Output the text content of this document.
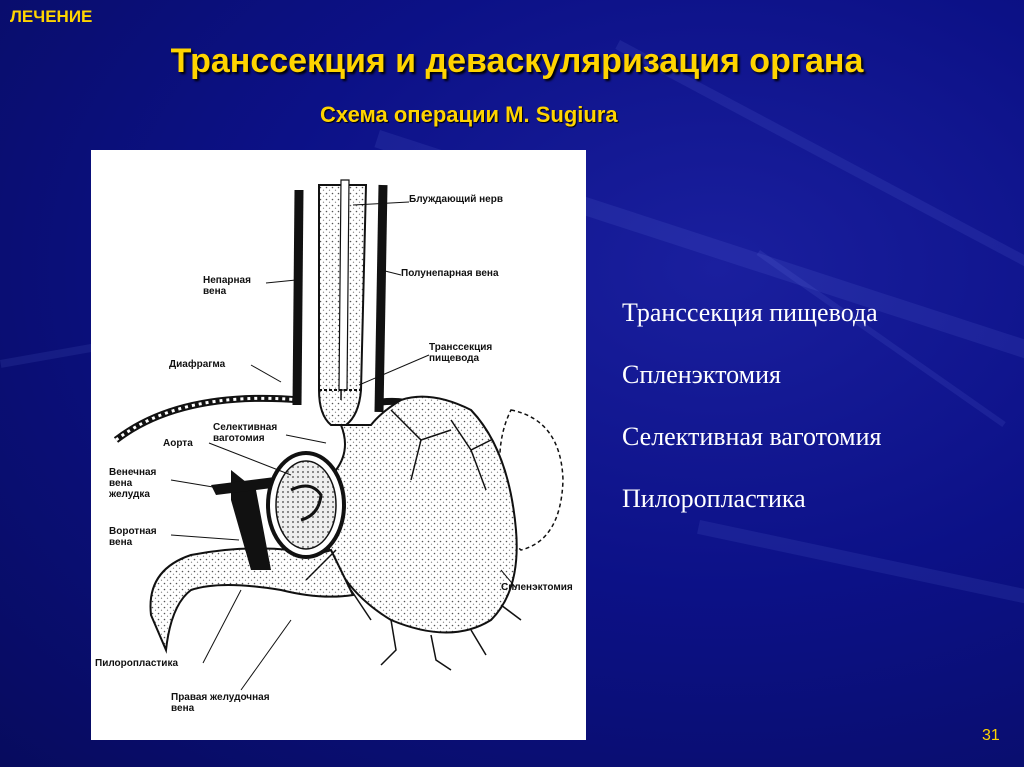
ЛЕЧЕНИЕ
Транссекция и деваскуляризация органа
Схема операции M. Sugiura
Блуждающий нерв
Непарная
вена
Полунепарная вена
Диафрагма
Транссекция
пищевода
Селективная
ваготомия
Аорта
Венечная
вена
желудка
Воротная
вена
Спленэктомия
Пилоропластика
Правая желудочная
вена
Транссекция пищевода
Спленэктомия
Селективная ваготомия
Пилоропластика
31
